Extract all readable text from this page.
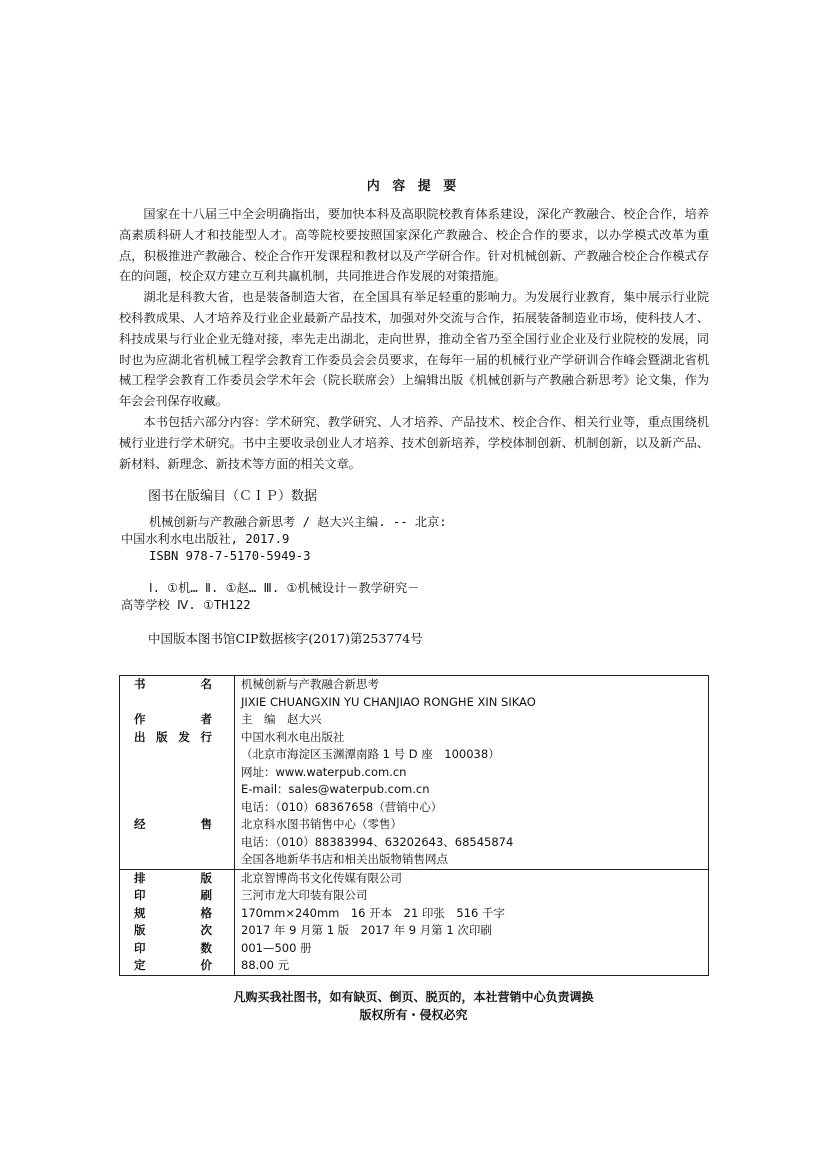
内 容 提 要

国家在十八届三中全会明确指出，要加快本科及高职院校教育体系建设，深化产教融合、校企合作，培养高素质科研人才和技能型人才。高等院校要按照国家深化产教融合、校企合作的要求，以办学模式改革为重点，积极推进产教融合、校企合作开发课程和教材以及产学研合作。针对机械创新、产教融合校企合作模式存在的问题，校企双方建立互利共赢机制，共同推进合作发展的对策措施。

湖北是科教大省，也是装备制造大省，在全国具有举足轻重的影响力。为发展行业教育，集中展示行业院校科教成果、人才培养及行业企业最新产品技术，加强对外交流与合作，拓展装备制造业市场，使科技人才、科技成果与行业企业无缝对接，率先走出湖北，走向世界，推动全省乃至全国行业企业及行业院校的发展，同时也为应湖北省机械工程学会教育工作委员会会员要求，在每年一届的机械行业产学研训合作峰会暨湖北省机械工程学会教育工作委员会学术年会（院长联席会）上编辑出版《机械创新与产教融合新思考》论文集，作为年会会刊保存收藏。

本书包括六部分内容：学术研究、教学研究、人才培养、产品技术、校企合作、相关行业等，重点围绕机械行业进行学术研究。书中主要收录创业人才培养、技术创新培养，学校体制创新、机制创新，以及新产品、新材料、新理念、新技术等方面的相关文章。

图书在版编目（ＣＩＰ）数据
机械创新与产教融合新思考 / 赵大兴主编. -- 北京:
中国水利水电出版社, 2017.9
ISBN 978-7-5170-5949-3
Ⅰ. ①机… Ⅱ. ①赵… Ⅲ. ①机械设计－教学研究－
高等学校 Ⅳ. ①TH122
中国版本图书馆CIP数据核字(2017)第253774号
书　名	机械创新与产教融合新思考
JIXIE CHUANGXIN YU CHANJIAO RONGHE XIN SIKAO

作　者	主　编　赵大兴
出版发行	中国水利水电出版社
（北京市海淀区玉渊潭南路 1 号 D 座　100038）
网址：www.waterpub.com.cn
E-mail：sales@waterpub.com.cn
电话：（010）68367658（营销中心）

经　售	北京科水图书销售中心（零售）
电话：（010）88383994、63202643、68545874
全国各地新华书店和相关出版物销售网点

排　版	北京智博尚书文化传媒有限公司
印　刷	三河市龙大印装有限公司
规　格	170mm×240mm　16 开本　21 印张　516 千字
版　次	2017 年 9 月第 1 版　2017 年 9 月第 1 次印刷
印　数	001—500 册
定　价	88.00 元
凡购买我社图书，如有缺页、倒页、脱页的，本社营销中心负责调换
版权所有・侵权必究
